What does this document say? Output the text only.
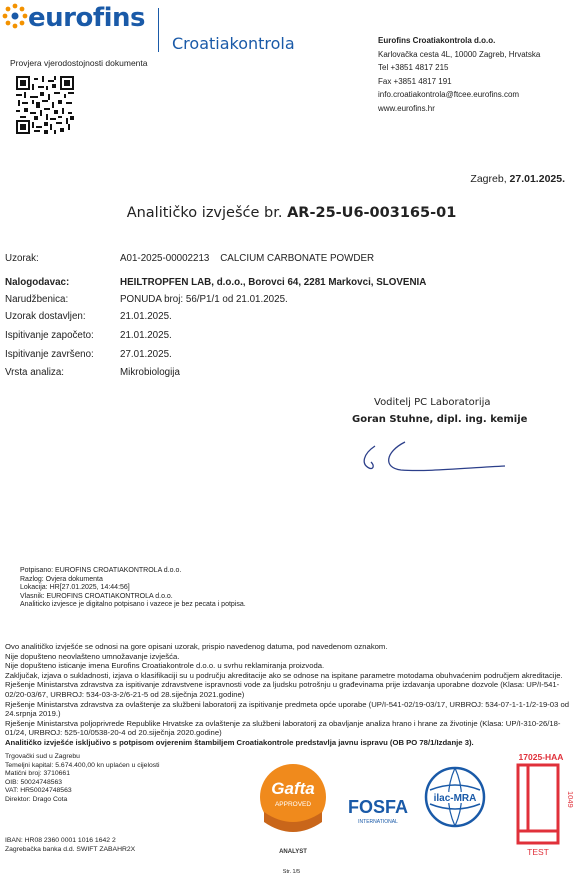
eurofins
Croatiakontrola
Provjera vjerodostojnosti dokumenta
Eurofins Croatiakontrola d.o.o.
Karlovačka cesta 4L, 10000 Zagreb, Hrvatska
Tel +3851 4817 215
Fax +3851 4817 191
info.croatiakontrola@ftcee.eurofins.com
www.eurofins.hr
Zagreb, 27.01.2025.
Analitičko izvješće br. AR-25-U6-003165-01
Uzorak:	A01-2025-00002213    CALCIUM CARBONATE POWDER
Nalogodavac:	HEILTROPFEN LAB, d.o.o., Borovci 64, 2281 Markovci, SLOVENIA
Narudžbenica:	PONUDA broj: 56/P1/1 od 21.01.2025.
Uzorak dostavljen:	21.01.2025.
Ispitivanje započeto:	21.01.2025.
Ispitivanje završeno:	27.01.2025.
Vrsta analiza:	Mikrobiologija
Voditelj PC Laboratorija
Goran Stuhne, dipl. ing. kemije
Potpisano: EUROFINS CROATIAKONTROLA d.o.o.
Razlog: Ovjera dokumenta
Lokacija: HR[27.01.2025, 14:44:56]
Vlasnik: EUROFINS CROATIAKONTROLA d.o.o.
Analiticko izvjesce je digitalno potpisano i vazece je bez pecata i potpisa.

Ovo analitičko izvješće se odnosi na gore opisani uzorak, prispio navedenog datuma, pod navedenom oznakom.

Nije dopušteno neovlašteno umnožavanje izvješća.

Nije dopušteno isticanje imena Eurofins Croatiakontrole d.o.o. u svrhu reklamiranja proizvoda.

Zaključak, izjava o sukladnosti, izjava o klasifikaciji su u području akreditacije ako se odnose na ispitane parametre motodama obuhvaćenim područjem akreditacije.

Rješenje Ministarstva zdravstva za ispitivanje zdravstvene ispravnosti vode za ljudsku potrošnju u građevinama prije izdavanja uporabne dozvole (Klasa: UP/I-541-02/20-03/67, URBROJ: 534-03-3-2/6-21-5 od 28.siječnja 2021.godine)

Rješenje Ministarstva zdravstva za ovlaštenje za službeni laboratorij za ispitivanje predmeta opće uporabe (UP/I-541-02/19-03/17, URBROJ: 534-07-1-1-1/2-19-03 od 24.srpnja 2019.)

Rješenje Ministarstva poljoprivrede Republike Hrvatske za ovlaštenje za službeni laboratorij za obavljanje analiza hrano i hrane za životinje (Klasa: UP/I-310-26/18-01/24, URBROJ: 525-10/0538-20-4 od 20.siječnja 2020.godine)

Analitičko izvješće isključivo s potpisom ovjerenim štambiljem Croatiakontrole predstavlja javnu ispravu (OB PO 78/1/Izdanje 3).

Trgovački sud u Zagrebu
Temeljni kapital: 5.674.400,00 kn uplaćen u cijelosti
Matični broj: 3710661
OIB: 50024748563
VAT: HR50024748563
Direktor: Drago Cota
IBAN: HR08 2360 0001 1016 1642 2
Zagrebačka banka d.d. SWIFT ZABAHR2X
Gafta
APPROVED
ANALYST
FOSFA
INTERNATIONAL
ilac-MRA
17025-HAA
1049
TEST
Str. 1/5
